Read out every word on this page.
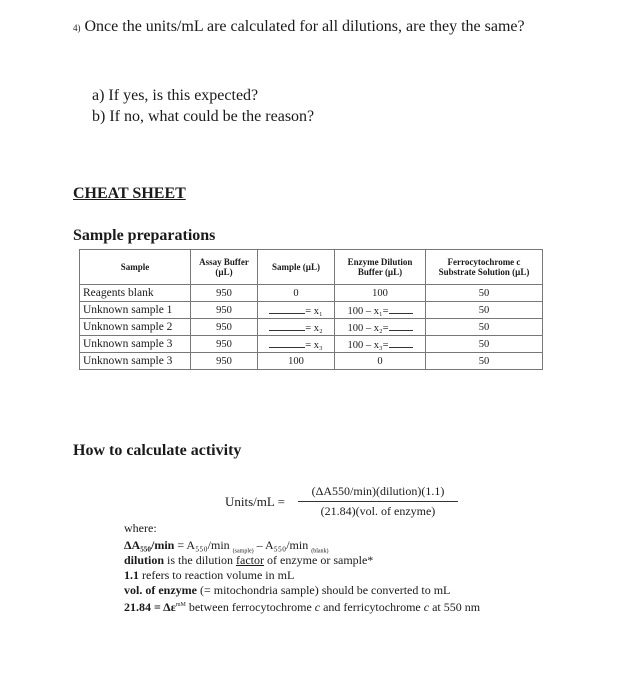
4) Once the units/mL are calculated for all dilutions, are they the same?
a) If yes, is this expected?
b) If no, what could be the reason?
CHEAT SHEET
Sample preparations
Sample	Assay Buffer (µL)	Sample (µL)	Enzyme Dilution Buffer (µL)	Ferrocytochrome c Substrate Solution (µL)
Reagents blank	950	0	100	50
Unknown sample 1	950	= x₁	100 – x₁=	50
Unknown sample 2	950	= x₂	100 – x₂=	50
Unknown sample 3	950	= x₃	100 – x₃=	50
Unknown sample 3	950	100	0	50
How to calculate activity
Units/mL =
(ΔA550/min)(dilution)(1.1)
(21.84)(vol. of enzyme)
where:
ΔA₅₅₀/min = A₅₅₀/min $_{(sample)}$ – A₅₅₀/min $_{(blank)}$
dilution is the dilution factor of enzyme or sample*
1.1 refers to reaction volume in mL
vol. of enzyme (= mitochondria sample) should be converted to mL
$21.84 = \Delta\varepsilon^{mM}$ between ferrocytochrome c and ferricytochrome c at 550 nm
